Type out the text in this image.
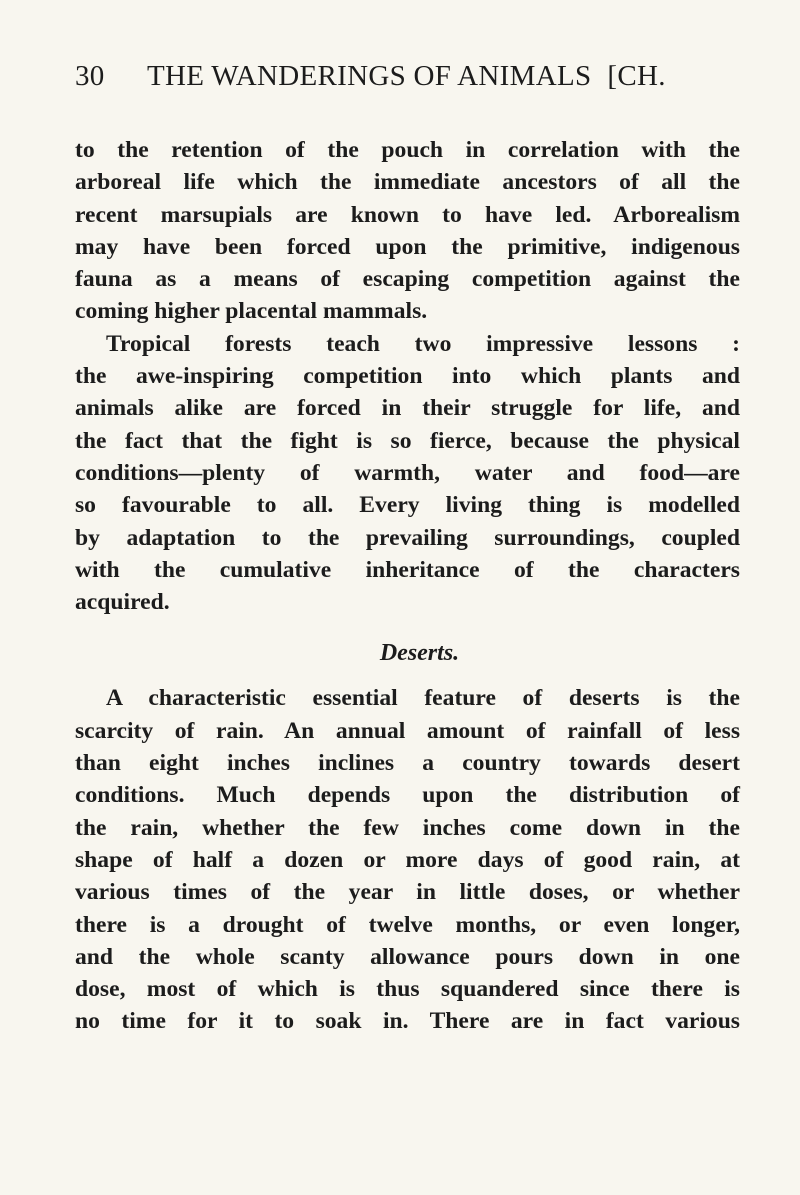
30	THE WANDERINGS OF ANIMALS [CH.
to the retention of the pouch in correlation with the
arboreal life which the immediate ancestors of all the
recent marsupials are known to have led. Arborealism
may have been forced upon the primitive, indigenous
fauna as a means of escaping competition against the
coming higher placental mammals.
Tropical forests teach two impressive lessons :
the awe-inspiring competition into which plants and
animals alike are forced in their struggle for life, and
the fact that the fight is so fierce, because the physical
conditions—plenty of warmth, water and food—are
so favourable to all. Every living thing is modelled
by adaptation to the prevailing surroundings, coupled
with the cumulative inheritance of the characters
acquired.
Deserts.
A characteristic essential feature of deserts is the
scarcity of rain. An annual amount of rainfall of less
than eight inches inclines a country towards desert
conditions. Much depends upon the distribution of
the rain, whether the few inches come down in the
shape of half a dozen or more days of good rain, at
various times of the year in little doses, or whether
there is a drought of twelve months, or even longer,
and the whole scanty allowance pours down in one
dose, most of which is thus squandered since there is
no time for it to soak in. There are in fact various
